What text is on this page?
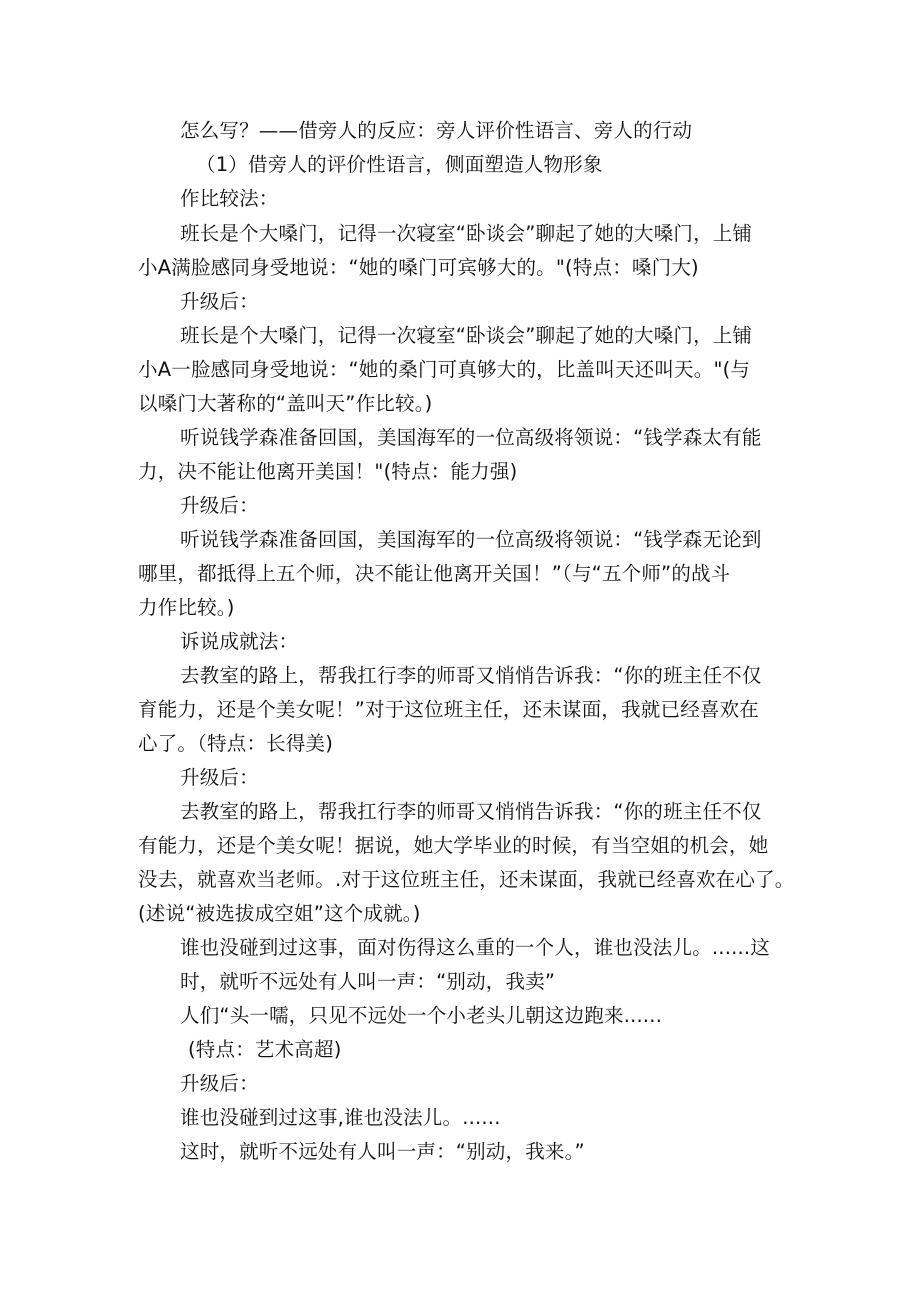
怎么写？——借旁人的反应：旁人评价性语言、旁人的行动
（1）借旁人的评价性语言，侧面塑造人物形象
作比较法：
班长是个大嗓门，记得一次寝室“卧谈会”聊起了她的大嗓门，上铺
小A满脸感同身受地说：“她的嗓门可宾够大的。"(特点：嗓门大)
升级后：
班长是个大嗓门，记得一次寝室“卧谈会”聊起了她的大嗓门，上铺
小A一脸感同身受地说：“她的桑门可真够大的，比盖叫天还叫天。"(与
以嗓门大著称的“盖叫天”作比较。)
听说钱学森准备回国，美国海军的一位高级将领说：“钱学森太有能
力，决不能让他离开美国！"(特点：能力强)
升级后：
听说钱学森准备回国，美国海军的一位高级将领说：“钱学森无论到
哪里，都抵得上五个师，决不能让他离开关国！”（与“五个师”的战斗
力作比较。)
诉说成就法：
去教室的路上，帮我扛行李的师哥又悄悄告诉我：“你的班主任不仅
育能力，还是个美女呢！”对于这位班主任，还未谋面，我就已经喜欢在
心了。（特点：长得美)
升级后：
去教室的路上，帮我扛行李的师哥又悄悄告诉我：“你的班主任不仅
有能力，还是个美女呢！据说，她大学毕业的时候，有当空姐的机会，她
没去，就喜欢当老师。.对于这位班主任，还未谋面，我就已经喜欢在心了。
(述说“被选拔成空姐”这个成就。)
谁也没碰到过这事，面对伤得这么重的一个人，谁也没法儿。......这
时，就听不远处有人叫一声：“别动，我卖”
人们“头一嚅，只见不远处一个小老头儿朝这边跑来......
(特点：艺术高超)
升级后：
谁也没碰到过这事,谁也没法儿。......
这时，就听不远处有人叫一声：“别动，我来。”
